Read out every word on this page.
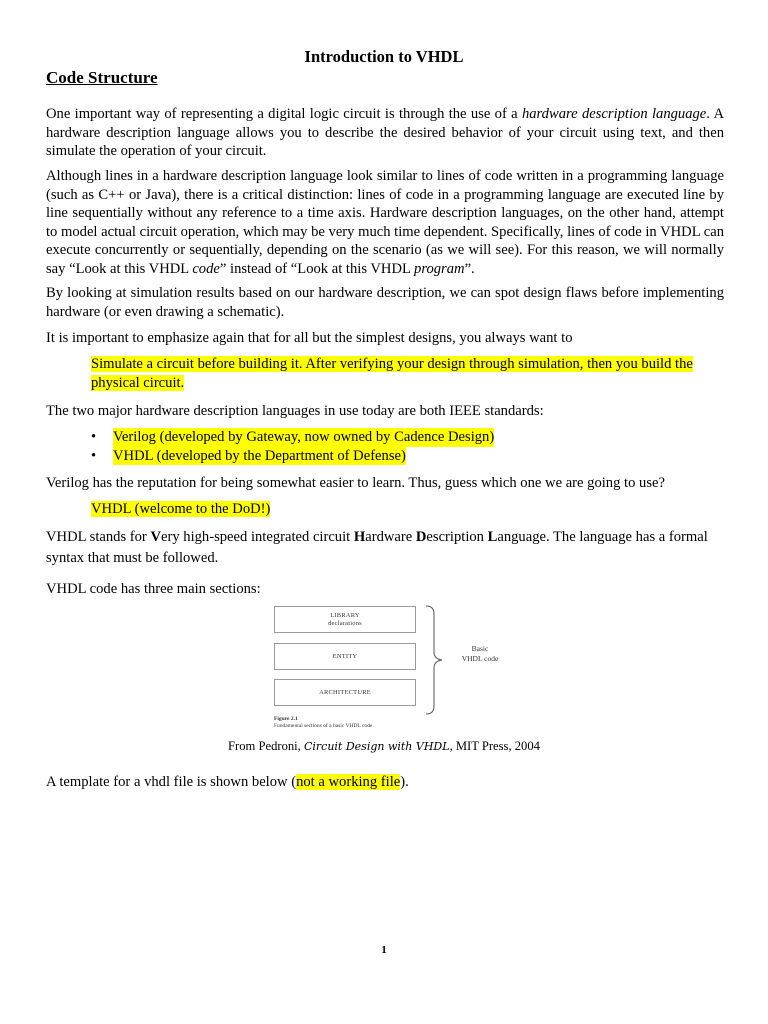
Introduction to VHDL
Code Structure
One important way of representing a digital logic circuit is through the use of a hardware description language. A hardware description language allows you to describe the desired behavior of your circuit using text, and then simulate the operation of your circuit.
Although lines in a hardware description language look similar to lines of code written in a programming language (such as C++ or Java), there is a critical distinction: lines of code in a programming language are executed line by line sequentially without any reference to a time axis. Hardware description languages, on the other hand, attempt to model actual circuit operation, which may be very much time dependent. Specifically, lines of code in VHDL can execute concurrently or sequentially, depending on the scenario (as we will see). For this reason, we will normally say “Look at this VHDL code” instead of “Look at this VHDL program”.
By looking at simulation results based on our hardware description, we can spot design flaws before implementing hardware (or even drawing a schematic).
It is important to emphasize again that for all but the simplest designs, you always want to
Simulate a circuit before building it. After verifying your design through simulation, then you build the physical circuit.
The two major hardware description languages in use today are both IEEE standards:
•	Verilog (developed by Gateway, now owned by Cadence Design)
•	VHDL (developed by the Department of Defense)
Verilog has the reputation for being somewhat easier to learn. Thus, guess which one we are going to use?
VHDL (welcome to the DoD!)
VHDL stands for Very high-speed integrated circuit Hardware Description Language. The language has a formal syntax that must be followed.
VHDL code has three main sections:
LIBRARY
declarations
ENTITY
ARCHITECTURE
Basic
VHDL code
Figure 2.1
Fundamental sections of a basic VHDL code.
From Pedroni, Circuit Design with VHDL, MIT Press, 2004
A template for a vhdl file is shown below (not a working file).
1
